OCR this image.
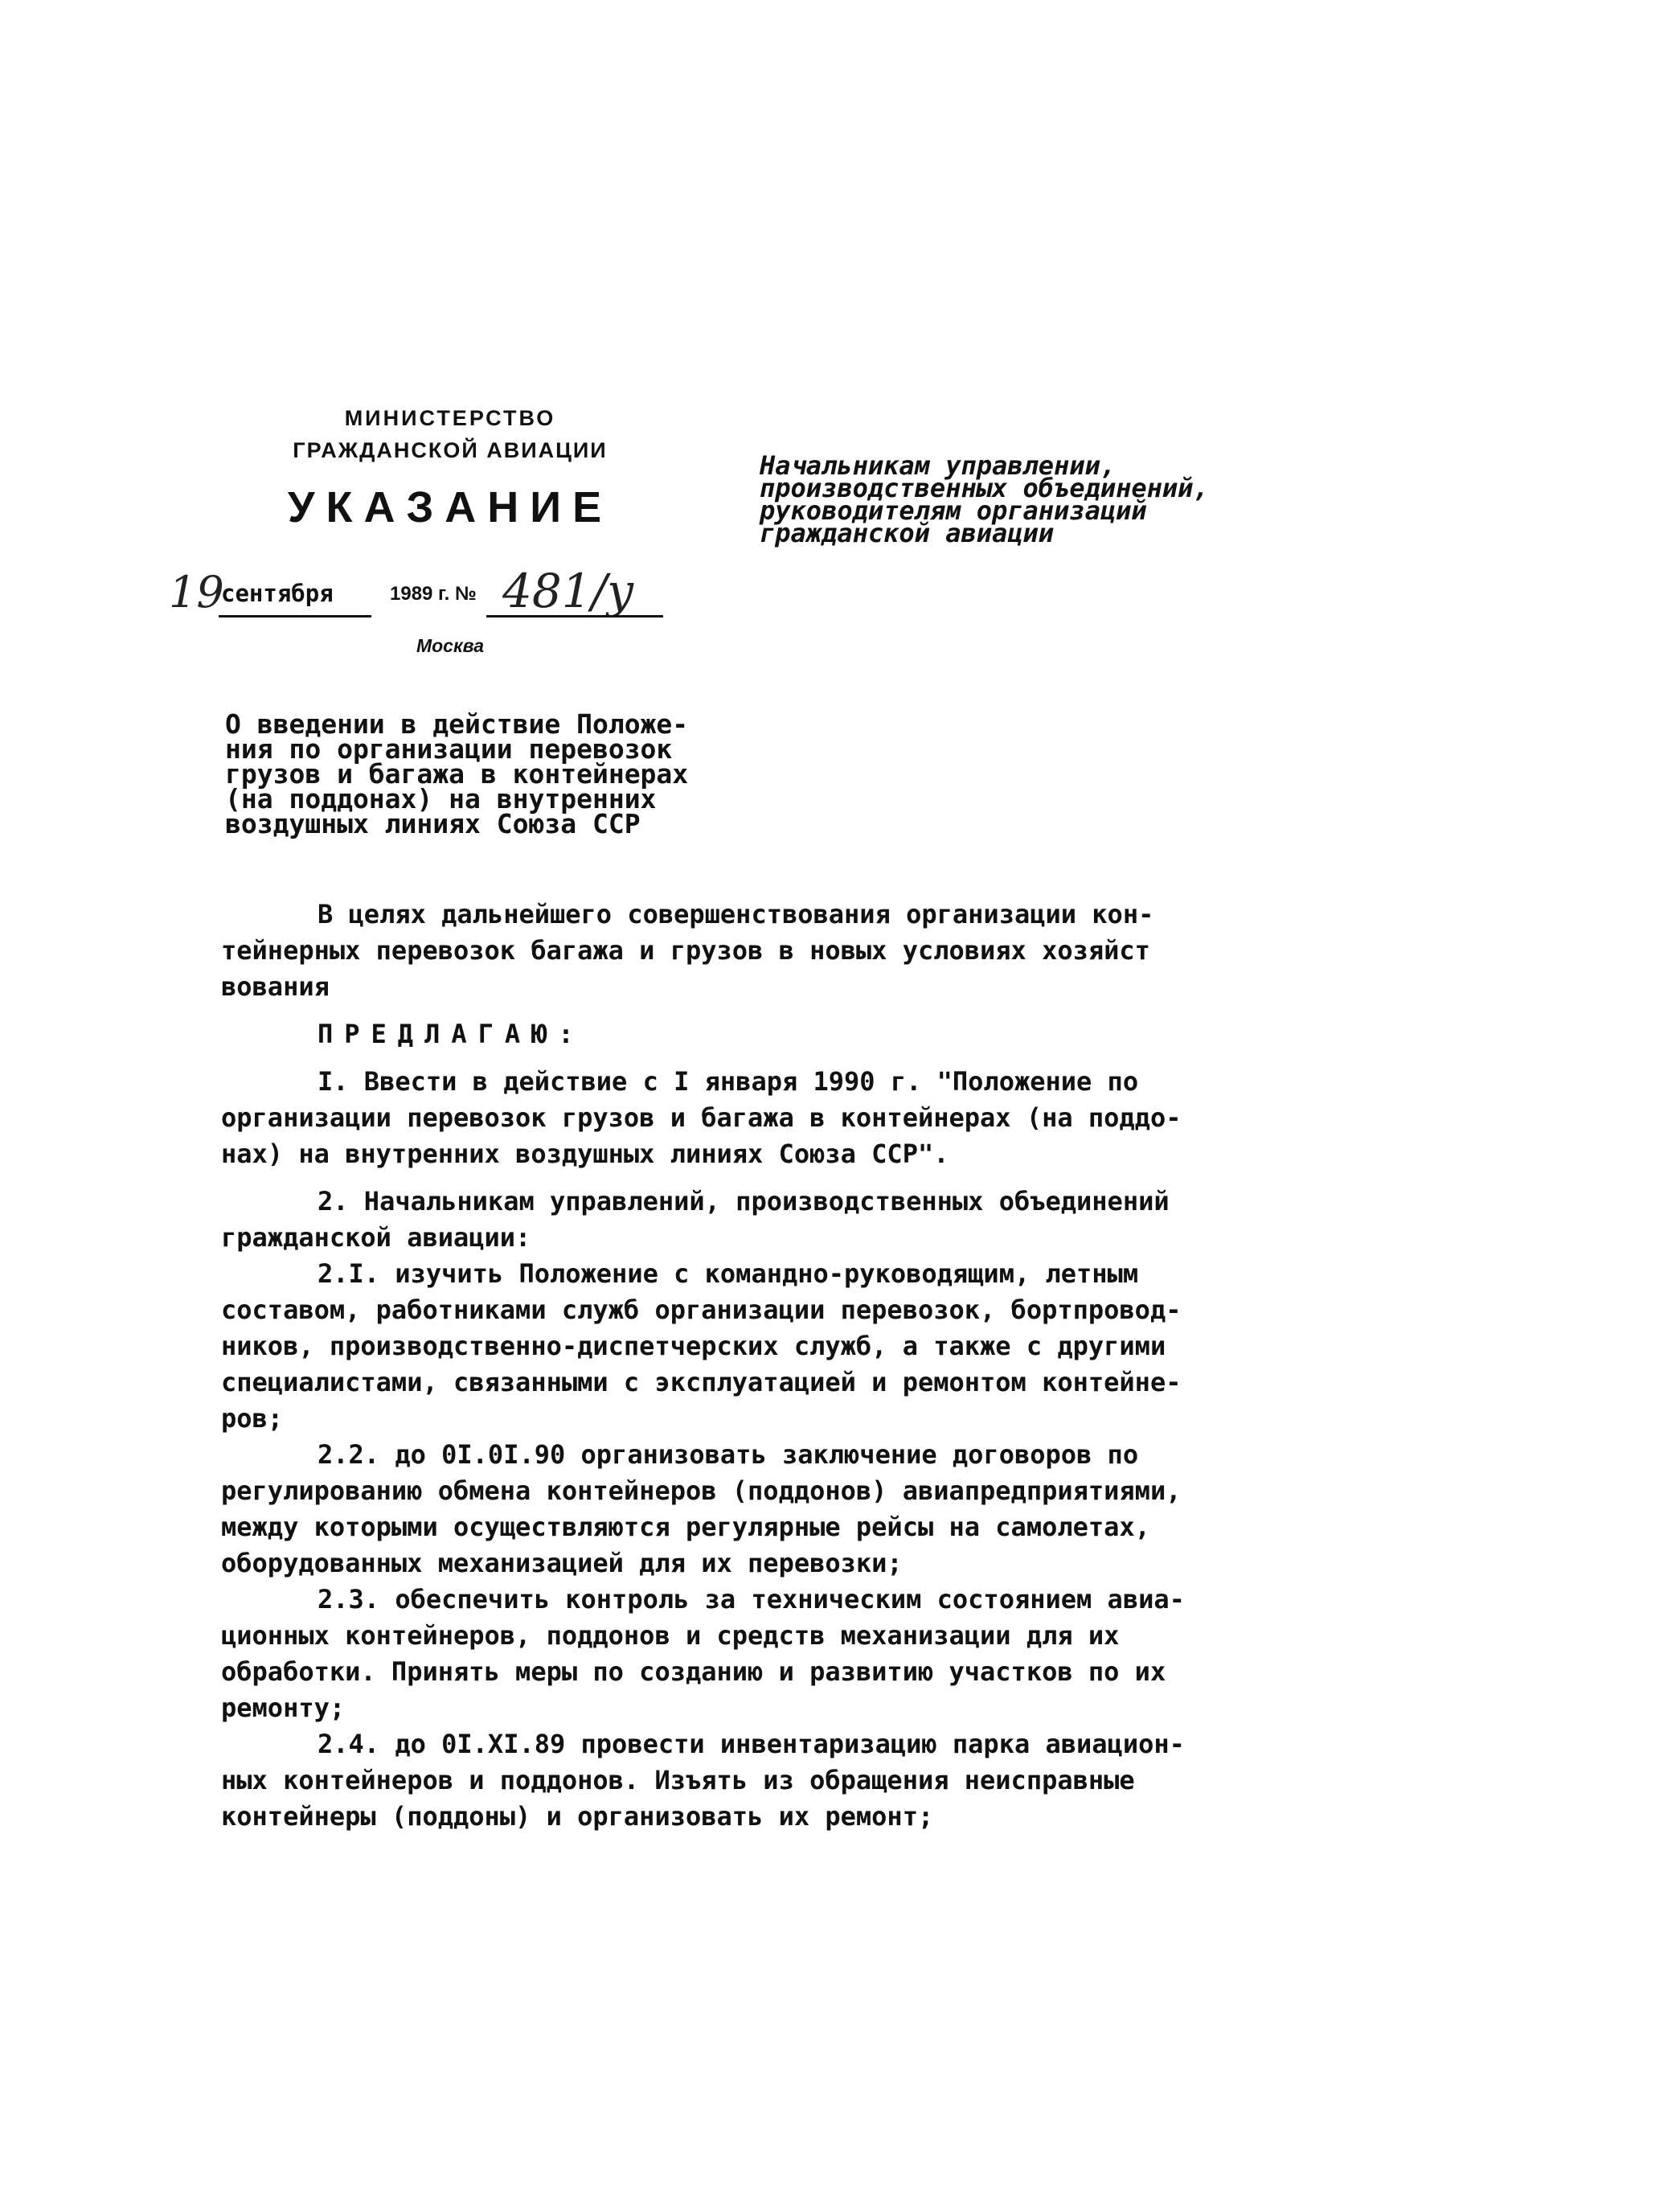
МИНИСТЕРСТВО
ГРАЖДАНСКОЙ АВИАЦИИ
УКАЗАНИЕ
19
сентября	1989 г. № 481/у
Москва
Начальникам управлении,
производственных объединений,
руководителям организаций
гражданской авиации
О введении в действие Положе-
ния по организации перевозок
грузов и багажа в контейнерах
(на поддонах) на внутренних
воздушных линиях Союза ССР
В целях дальнейшего совершенствования организации кон-
тейнерных перевозок багажа и грузов в новых условиях хозяйст
вования
ПРЕДЛАГАЮ:
I. Ввести в действие с I января 1990 г. "Положение по
организации перевозок грузов и багажа в контейнерах (на поддо-
нах) на внутренних воздушных линиях Союза ССР".
2. Начальникам управлений, производственных объединений
гражданской авиации:
2.I. изучить Положение с командно-руководящим, летным
составом, работниками служб организации перевозок, бортпровод-
ников, производственно-диспетчерских служб, а также с другими
специалистами, связанными с эксплуатацией и ремонтом контейне-
ров;
2.2. до 0I.0I.90 организовать заключение договоров по
регулированию обмена контейнеров (поддонов) авиапредприятиями,
между которыми осуществляются регулярные рейсы на самолетах,
оборудованных механизацией для их перевозки;
2.3. обеспечить контроль за техническим состоянием авиа-
ционных контейнеров, поддонов и средств механизации для их
обработки. Принять меры по созданию и развитию участков по их
ремонту;
2.4. до 0I.XI.89 провести инвентаризацию парка авиацион-
ных контейнеров и поддонов. Изъять из обращения неисправные
контейнеры (поддоны) и организовать их ремонт;
